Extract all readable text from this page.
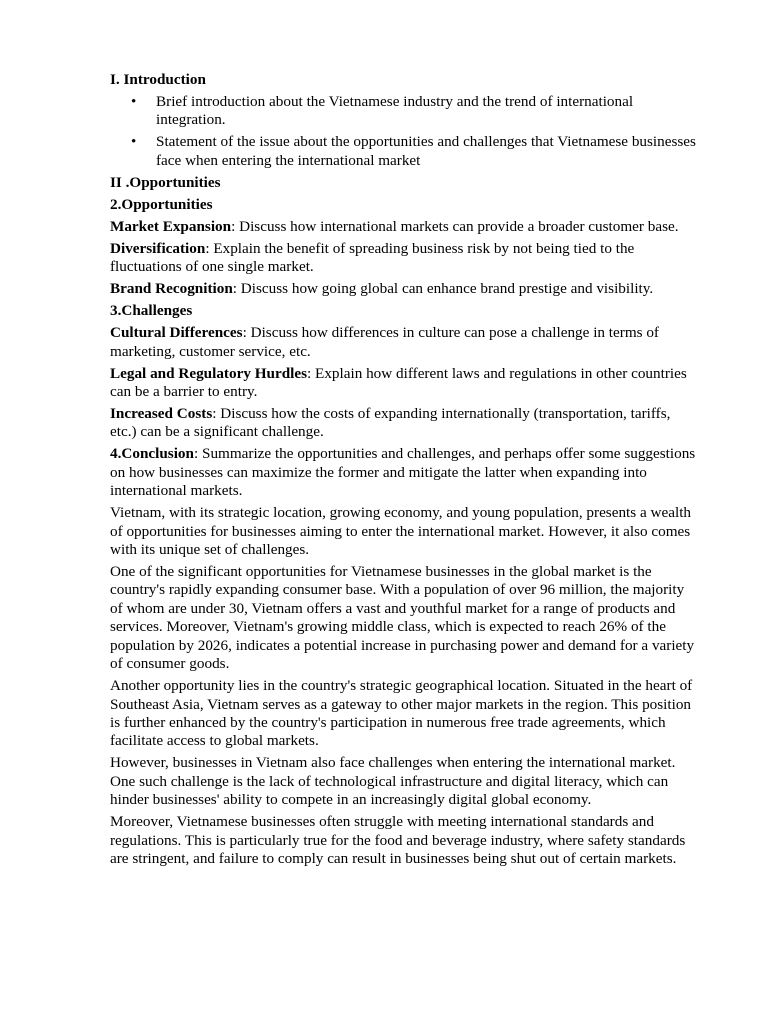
I. Introduction
• Brief introduction about the Vietnamese industry and the trend of international integration.
• Statement of the issue about the opportunities and challenges that Vietnamese businesses face when entering the international market
II .Opportunities
2.Opportunities

Market Expansion: Discuss how international markets can provide a broader customer base.

Diversification: Explain the benefit of spreading business risk by not being tied to the fluctuations of one single market.

Brand Recognition: Discuss how going global can enhance brand prestige and visibility.

3.Challenges

Cultural Differences: Discuss how differences in culture can pose a challenge in terms of marketing, customer service, etc.

Legal and Regulatory Hurdles: Explain how different laws and regulations in other countries can be a barrier to entry.

Increased Costs: Discuss how the costs of expanding internationally (transportation, tariffs, etc.) can be a significant challenge.

4.Conclusion: Summarize the opportunities and challenges, and perhaps offer some suggestions on how businesses can maximize the former and mitigate the latter when expanding into international markets.

Vietnam, with its strategic location, growing economy, and young population, presents a wealth of opportunities for businesses aiming to enter the international market. However, it also comes with its unique set of challenges.

One of the significant opportunities for Vietnamese businesses in the global market is the country's rapidly expanding consumer base. With a population of over 96 million, the majority of whom are under 30, Vietnam offers a vast and youthful market for a range of products and services. Moreover, Vietnam's growing middle class, which is expected to reach 26% of the population by 2026, indicates a potential increase in purchasing power and demand for a variety of consumer goods.

Another opportunity lies in the country's strategic geographical location. Situated in the heart of Southeast Asia, Vietnam serves as a gateway to other major markets in the region. This position is further enhanced by the country's participation in numerous free trade agreements, which facilitate access to global markets.

However, businesses in Vietnam also face challenges when entering the international market. One such challenge is the lack of technological infrastructure and digital literacy, which can hinder businesses' ability to compete in an increasingly digital global economy.

Moreover, Vietnamese businesses often struggle with meeting international standards and regulations. This is particularly true for the food and beverage industry, where safety standards are stringent, and failure to comply can result in businesses being shut out of certain markets.
